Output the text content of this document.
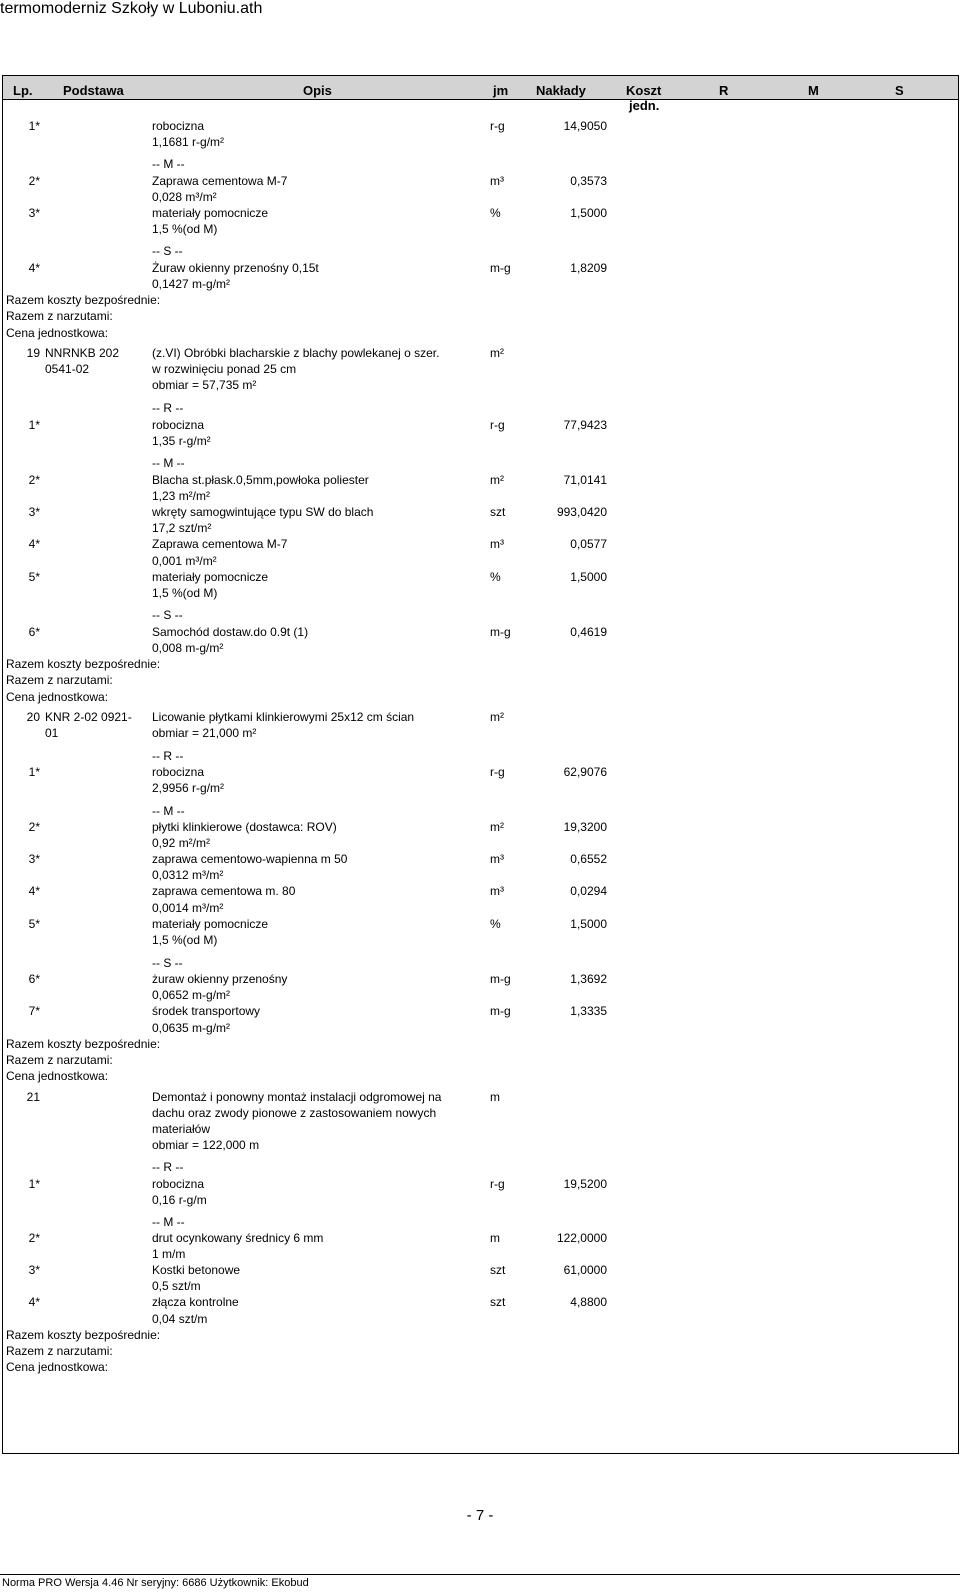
termomoderniz Szkoły w Luboniu.ath
Lp. Podstawa	Opis	jm Nakłady	Koszt
jedn.
R	M	S
1*	robocizna	r-g	14,9050
1,1681 r-g/m²
-- M --
2*	Zaprawa cementowa M-7	m³	0,3573
0,028 m³/m²
3*	materiały pomocnicze	%	1,5000
1,5 %(od M)
-- S --
4*	Żuraw okienny przenośny 0,15t	m-g	1,8209
0,1427 m-g/m²
Razem koszty bezpośrednie:
Razem z narzutami:
Cena jednostkowa:
19 NNRNKB 202	(z.VI) Obróbki blacharskie z blachy powlekanej o szer.	m²
0541-02	w rozwinięciu ponad 25 cm
obmiar = 57,735 m²
-- R --
1*	robocizna	r-g	77,9423
1,35 r-g/m²
-- M --
2*	Blacha st.płask.0,5mm,powłoka poliester	m²	71,0141
1,23 m²/m²
3*	wkręty samogwintujące typu SW do blach	szt	993,0420
17,2 szt/m²
4*	Zaprawa cementowa M-7	m³	0,0577
0,001 m³/m²
5*	materiały pomocnicze	%	1,5000
1,5 %(od M)
-- S --
6*	Samochód dostaw.do 0.9t (1)	m-g	0,4619
0,008 m-g/m²
Razem koszty bezpośrednie:
Razem z narzutami:
Cena jednostkowa:
20 KNR 2-02 0921-	Licowanie płytkami klinkierowymi 25x12 cm ścian	m²
01	obmiar = 21,000 m²
-- R --
1*	robocizna	r-g	62,9076
2,9956 r-g/m²
-- M --
2*	płytki klinkierowe (dostawca: ROV)	m²	19,3200
0,92 m²/m²
3*	zaprawa cementowo-wapienna m 50	m³	0,6552
0,0312 m³/m²
4*	zaprawa cementowa m. 80	m³	0,0294
0,0014 m³/m²
5*	materiały pomocnicze	%	1,5000
1,5 %(od M)
-- S --
6*	żuraw okienny przenośny	m-g	1,3692
0,0652 m-g/m²
7*	środek transportowy	m-g	1,3335
0,0635 m-g/m²
Razem koszty bezpośrednie:
Razem z narzutami:
Cena jednostkowa:
21	Demontaż i ponowny montaż instalacji odgromowej na	m
dachu oraz zwody pionowe z zastosowaniem nowych
materiałów
obmiar = 122,000 m
-- R --
1*	robocizna	r-g	19,5200
0,16 r-g/m
-- M --
2*	drut ocynkowany średnicy 6 mm	m	122,0000
1 m/m
3*	Kostki betonowe	szt	61,0000
0,5 szt/m
4*	złącza kontrolne	szt	4,8800
0,04 szt/m
Razem koszty bezpośrednie:
Razem z narzutami:
Cena jednostkowa:
- 7 -
Norma PRO Wersja 4.46 Nr seryjny: 6686 Użytkownik: Ekobud
